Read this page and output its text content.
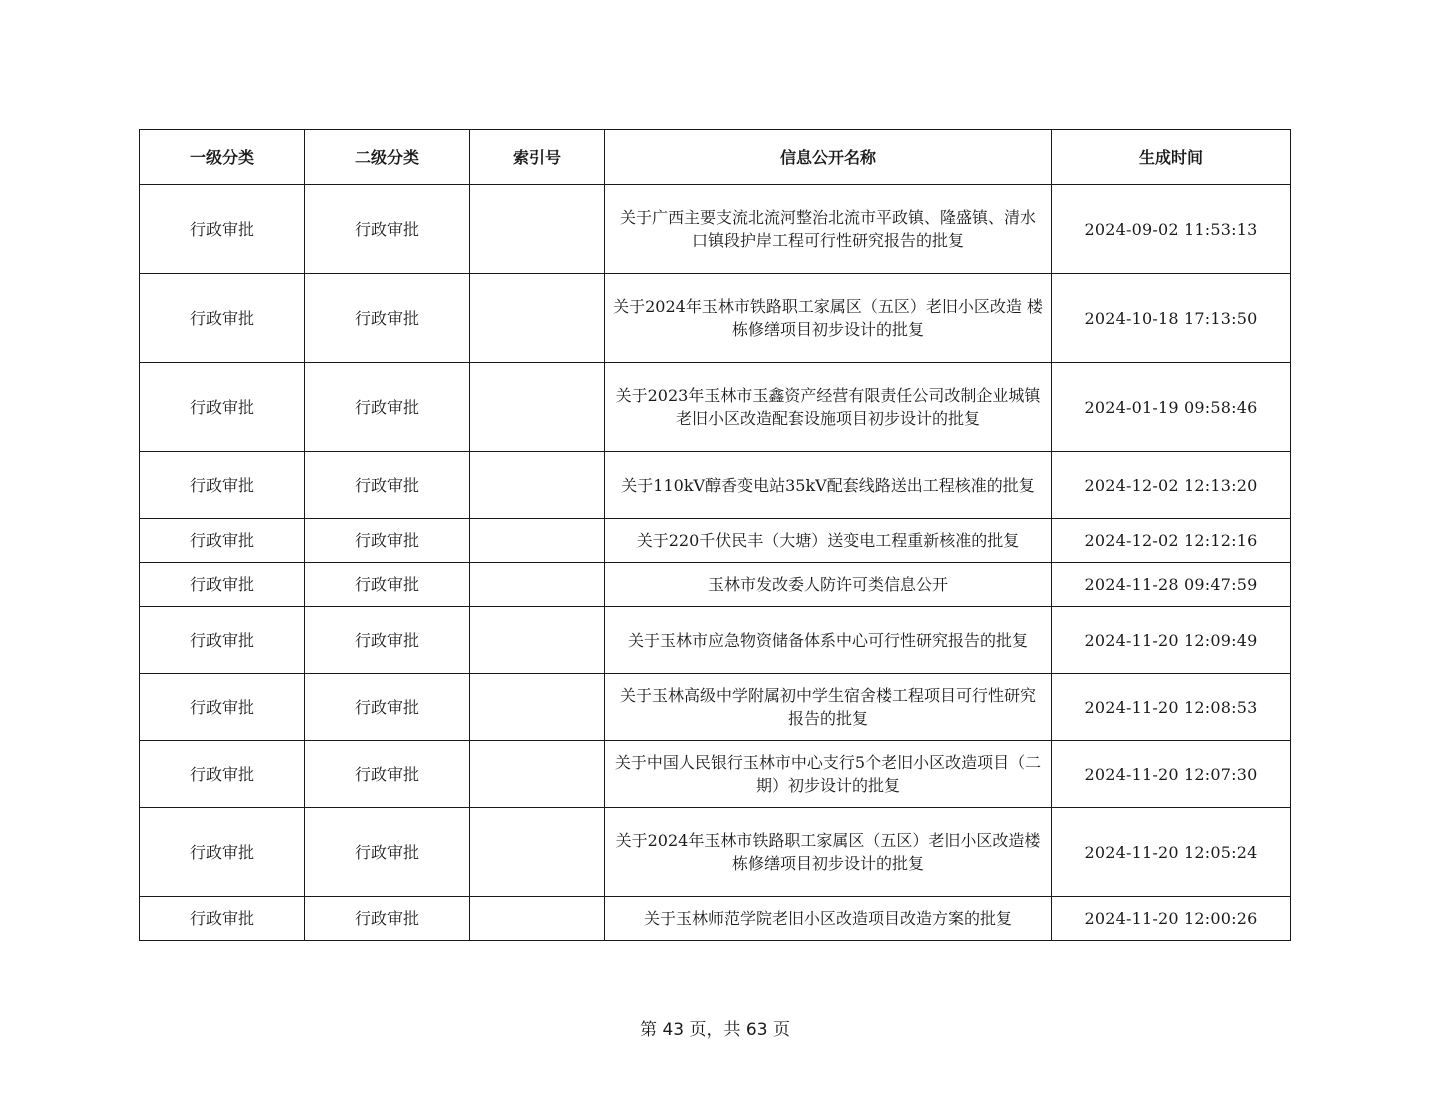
一级分类	二级分类	索引号	信息公开名称	生成时间
行政审批	行政审批		关于广西主要支流北流河整治北流市平政镇、隆盛镇、清水口镇段护岸工程可行性研究报告的批复	2024-09-02 11:53:13
行政审批	行政审批		关于2024年玉林市铁路职工家属区（五区）老旧小区改造 楼栋修缮项目初步设计的批复	2024-10-18 17:13:50
行政审批	行政审批		关于2023年玉林市玉鑫资产经营有限责任公司改制企业城镇老旧小区改造配套设施项目初步设计的批复	2024-01-19 09:58:46
行政审批	行政审批		关于110kV醇香变电站35kV配套线路送出工程核准的批复	2024-12-02 12:13:20
行政审批	行政审批		关于220千伏民丰（大塘）送变电工程重新核准的批复	2024-12-02 12:12:16
行政审批	行政审批		玉林市发改委人防许可类信息公开	2024-11-28 09:47:59
行政审批	行政审批		关于玉林市应急物资储备体系中心可行性研究报告的批复	2024-11-20 12:09:49
行政审批	行政审批		关于玉林高级中学附属初中学生宿舍楼工程项目可行性研究报告的批复	2024-11-20 12:08:53
行政审批	行政审批		关于中国人民银行玉林市中心支行5个老旧小区改造项目（二期）初步设计的批复	2024-11-20 12:07:30
行政审批	行政审批		关于2024年玉林市铁路职工家属区（五区）老旧小区改造楼栋修缮项目初步设计的批复	2024-11-20 12:05:24
行政审批	行政审批		关于玉林师范学院老旧小区改造项目改造方案的批复	2024-11-20 12:00:26
第 43 页，共 63 页
